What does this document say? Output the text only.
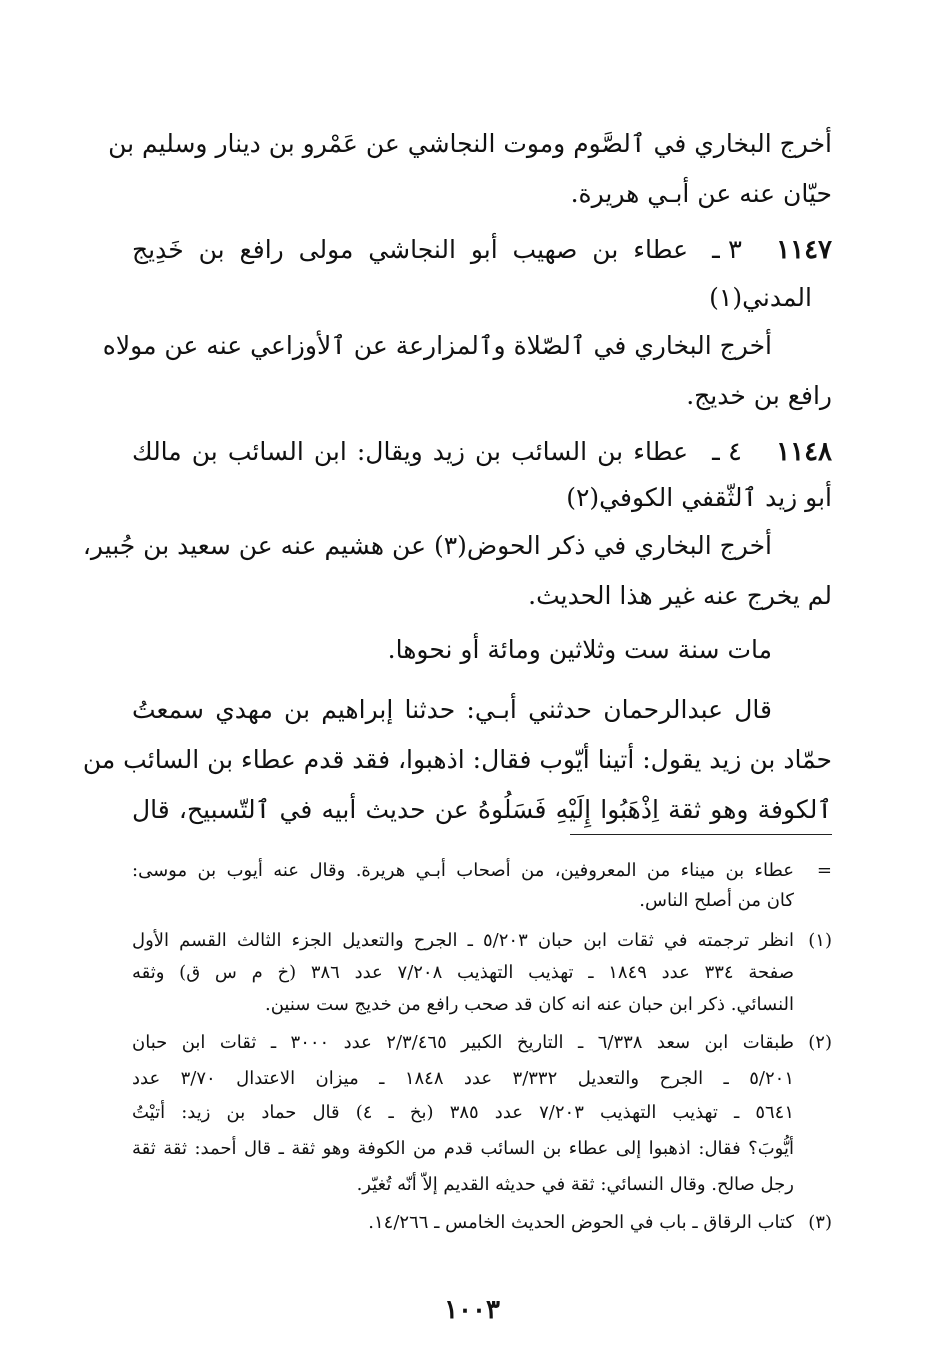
أخرج البخاري في ٱلصَّوم وموت النجاشي عن عَمْرو بن دينار وسليم بن
حيّان عنه عن أبـي هريرة.
١١٤٧
٣ ـ
عطاء بن صهيب أبو النجاشي مولى رافع بن خَدِيج
المدني(١)
أخرج البخاري في ٱلصّلاة وٱلمزارعة عن ٱلأوزاعي عنه عن مولاه
رافع بن خديج.
١١٤٨
٤ ـ
عطاء بن السائب بن زيد ويقال: ابن السائب بن مالك
أبو زيد ٱلثّقفي الكوفي(٢)
أخرج البخاري في ذكر الحوض(٣) عن هشيم عنه عن سعيد بن جُبير،
لم يخرج عنه غير هذا الحديث.
مات سنة ست وثلاثين ومائة أو نحوها.
قال عبدالرحمان حدثني أبـي: حدثنا إبراهيم بن مهدي سمعتُ
حمّاد بن زيد يقول: أتينا أيّوب فقال: اذهبوا، فقد قدم عطاء بن السائب من
ٱلكوفة وهو ثقة اِذْهَبُوا إِلَيْهِ فَسَلُوهُ عن حديث أبيه في ٱلتّسبيح، قال
=
عطاء بن ميناء من المعروفين، من أصحاب أبـي هريرة. وقال عنه أيوب بن موسى:
كان من أصلح الناس.
(١)
انظر ترجمته في ثقات ابن حبان ٥/٢٠٣ ـ الجرح والتعديل الجزء الثالث القسم الأول
صفحة ٣٣٤ عدد ١٨٤٩ ـ تهذيب التهذيب ٧/٢٠٨ عدد ٣٨٦ (خ م س ق) وثقه
النسائي. ذكر ابن حبان عنه انه كان قد صحب رافع من خديج ست سنين.
(٢)
طبقات ابن سعد ٦/٣٣٨ ـ التاريخ الكبير ٢/٣/٤٦٥ عدد ٣٠٠٠ ـ ثقات ابن حبان
٥/٢٠١ ـ الجرح والتعديل ٣/٣٣٢ عدد ١٨٤٨ ـ ميزان الاعتدال ٣/٧٠ عدد
٥٦٤١ ـ تهذيب التهذيب ٧/٢٠٣ عدد ٣٨٥ (بخ ـ ٤) قال حماد بن زيد: أتيْتُ
أيُّوبَ؟ فقال: اذهبوا إلى عطاء بن السائب قدم من الكوفة وهو ثقة ـ قال أحمد: ثقة ثقة
رجل صالح. وقال النسائي: ثقة في حديثه القديم إلاّ أنّه تُغيّر.
(٣)
كتاب الرقاق ـ باب في الحوض الحديث الخامس ـ ١٤/٢٦٦.
١٠٠٣
